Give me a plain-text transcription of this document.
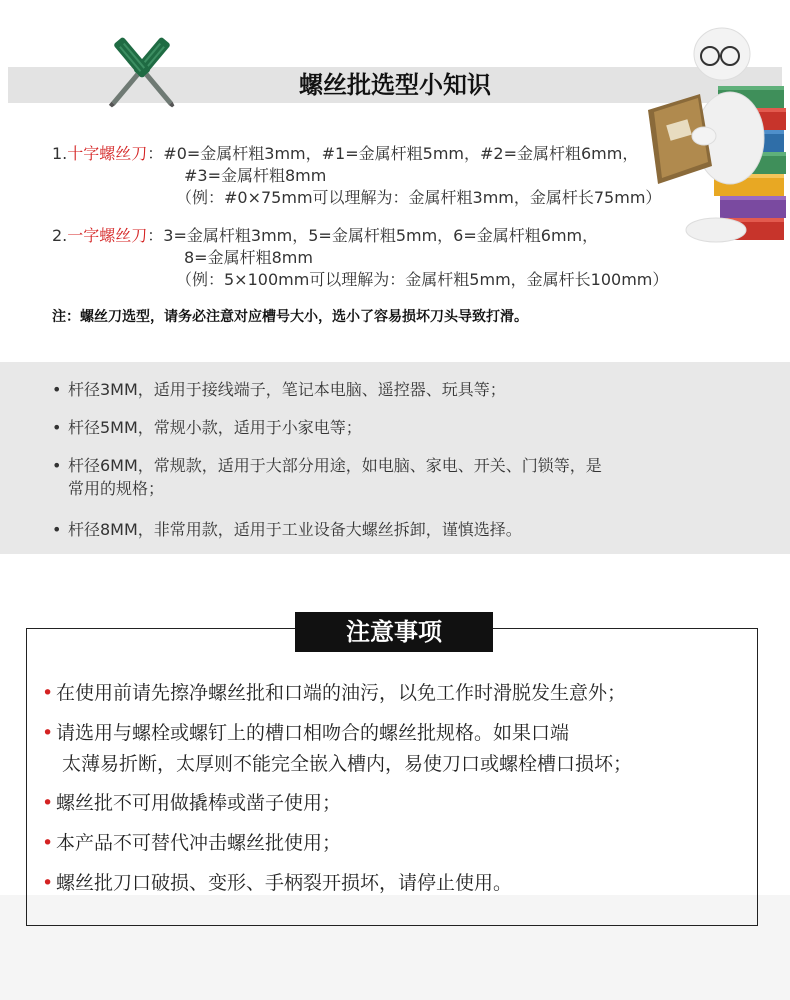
螺丝批选型小知识
1.十字螺丝刀：#0=金属杆粗3mm，#1=金属杆粗5mm，#2=金属杆粗6mm，
#3=金属杆粗8mm
（例：#0×75mm可以理解为：金属杆粗3mm，金属杆长75mm）
2.一字螺丝刀：3=金属杆粗3mm，5=金属杆粗5mm，6=金属杆粗6mm，
8=金属杆粗8mm
（例：5×100mm可以理解为：金属杆粗5mm，金属杆长100mm）
注：螺丝刀选型，请务必注意对应槽号大小，选小了容易损坏刀头导致打滑。
• 杆径3MM，适用于接线端子，笔记本电脑、遥控器、玩具等；
• 杆径5MM，常规小款，适用于小家电等；
• 杆径6MM，常规款，适用于大部分用途，如电脑、家电、开关、门锁等，是
常用的规格；
• 杆径8MM，非常用款，适用于工业设备大螺丝拆卸，谨慎选择。
注意事项
• 在使用前请先擦净螺丝批和口端的油污，以免工作时滑脱发生意外；
• 请选用与螺栓或螺钉上的槽口相吻合的螺丝批规格。如果口端
太薄易折断，太厚则不能完全嵌入槽内，易使刀口或螺栓槽口损坏；
• 螺丝批不可用做撬棒或凿子使用；
• 本产品不可替代冲击螺丝批使用；
• 螺丝批刀口破损、变形、手柄裂开损坏，请停止使用。
